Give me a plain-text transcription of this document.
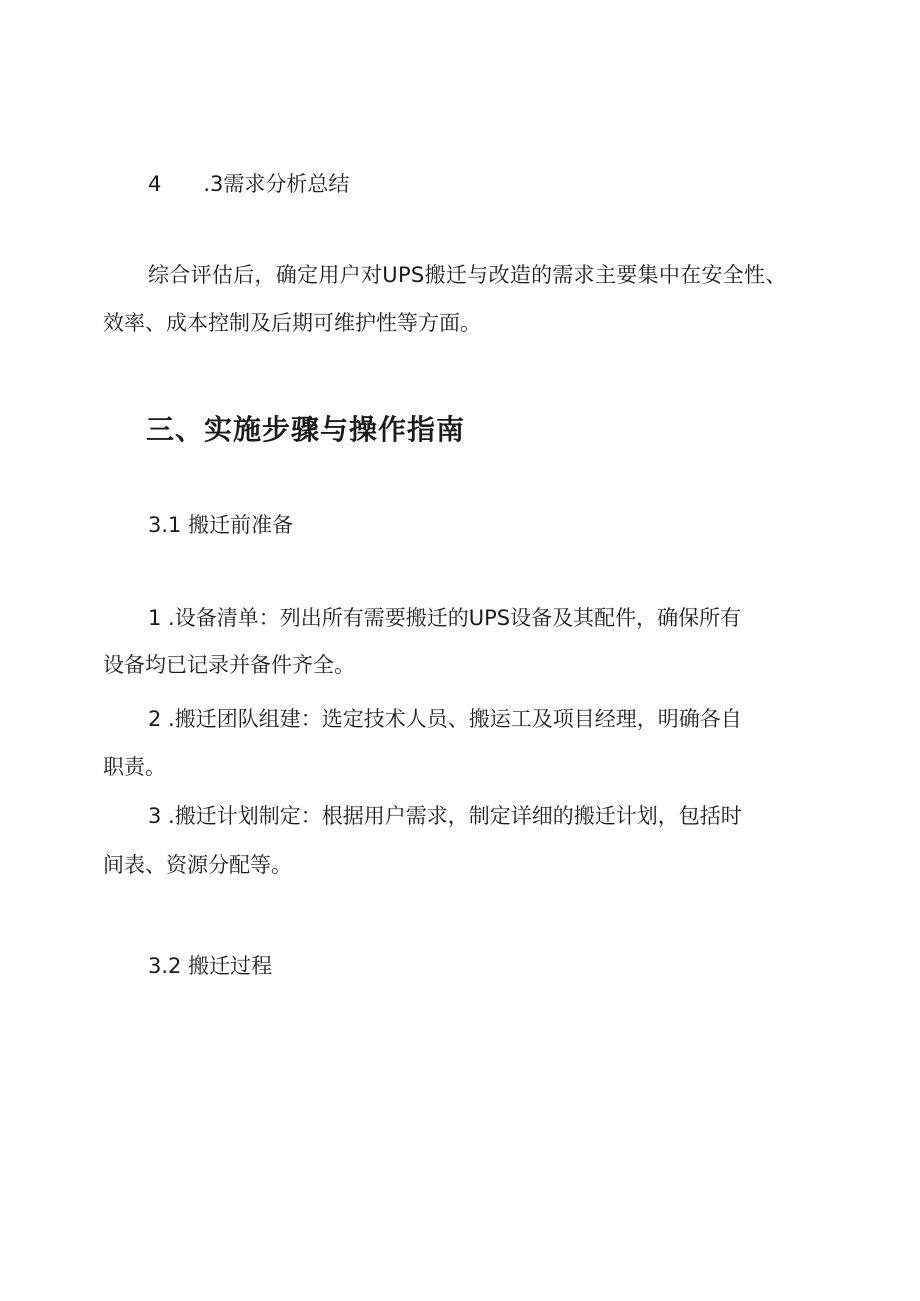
4 .3需求分析总结
综合评估后，确定用户对UPS搬迁与改造的需求主要集中在安全性、
效率、成本控制及后期可维护性等方面。
三、实施步骤与操作指南
3.1 搬迁前准备
1 .设备清单：列出所有需要搬迁的UPS设备及其配件，确保所有
设备均已记录并备件齐全。
2 .搬迁团队组建：选定技术人员、搬运工及项目经理，明确各自
职责。
3 .搬迁计划制定：根据用户需求，制定详细的搬迁计划，包括时
间表、资源分配等。
3.2 搬迁过程
